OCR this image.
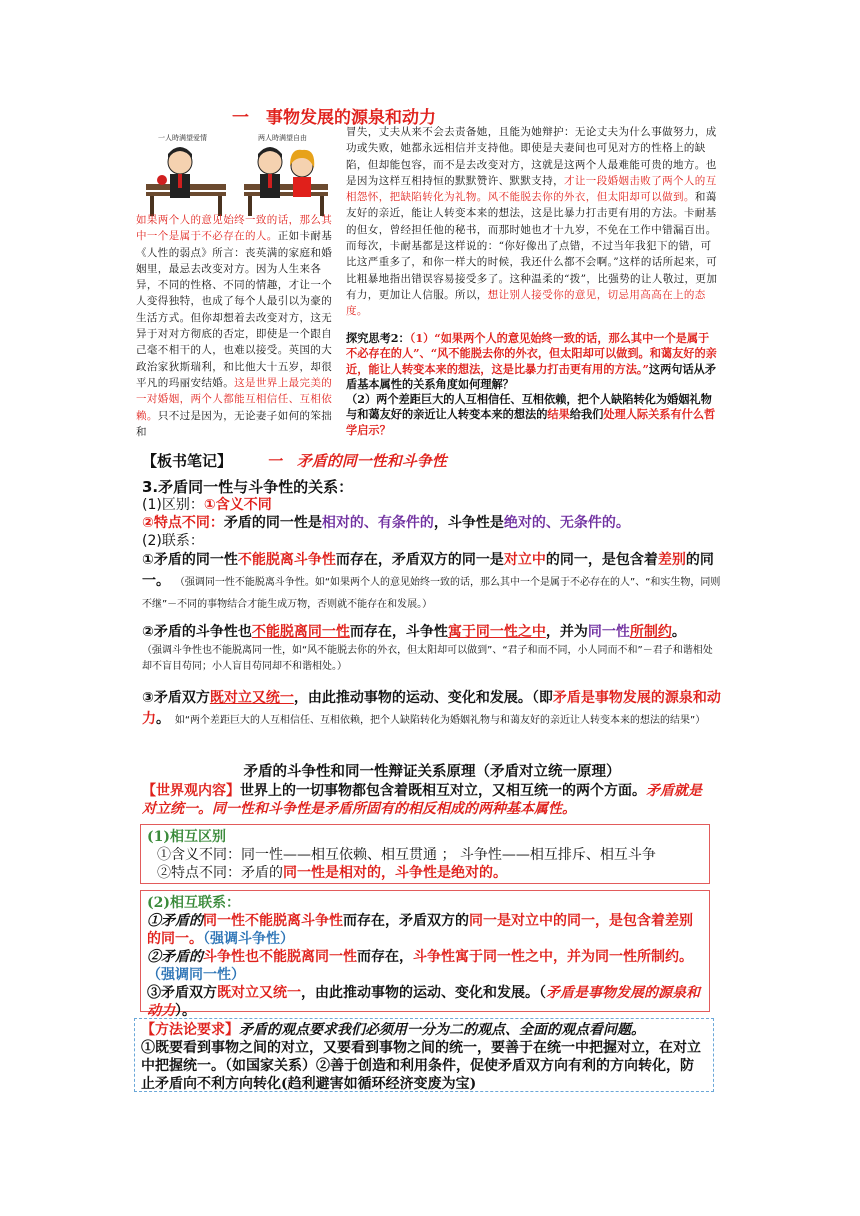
一　事物发展的源泉和动力
一人時满望爱情	两人時满望自由
如果两个人的意见始终一致的话，那么其中一个是属于不必存在的人。正如卡耐基《人性的弱点》所言：丧英满的家庭和婚姻里，最忌去改变对方。因为人生来各异，不同的性格、不同的情趣，才让一个人变得独特，也成了每个人最引以为豪的生活方式。但你却想着去改变对方，这无异于对对方彻底的否定，即使是一个跟自己毫不相干的人，也难以接受。英国的大政治家狄斯瑞利，和比他大十五岁，却很平凡的玛丽安结婚。这是世界上最完美的一对婚姻，两个人都能互相信任、互相依赖。只不过是因为，无论妻子如何的笨拙和
冒失，丈夫从来不会去责备她，且能为她辩护：无论丈夫为什么事做努力，成功或失败，她都永远相信并支持他。即使是夫妻间也可见对方的性格上的缺陷，但却能包容，而不是去改变对方，这就是这两个人最难能可贵的地方。也是因为这样互相持恒的默默赞许、默默支持，才让一段婚姻击败了两个人的互相怨怀，把缺陷转化为礼物。风不能脱去你的外衣，但太阳却可以做到。和蔼友好的亲近，能让人转变本来的想法，这是比暴力打击更有用的方法。卡耐基的但女，曾经担任他的秘书，而那时她也才十九岁，不免在工作中错漏百出。而每次，卡耐基都是这样说的：“你好像出了点错，不过当年我犯下的错，可比这严重多了，和你一样大的时候，我还什么都不会啊。”这样的话所起来，可比粗暴地指出错误容易接受多了。这种温柔的“拨”，比强势的让人敬过，更加有力，更加让人信服。所以，想让别人接受你的意见，切忌用高高在上的态度。
探究思考2：（1）“如果两个人的意见始终一致的话，那么其中一个是属于不必存在的人”、“风不能脱去你的外衣，但太阳却可以做到。和蔼友好的亲近，能让人转变本来的想法，这是比暴力打击更有用的方法。”这两句话从矛盾基本属性的关系角度如何理解？
（2）两个差距巨大的人互相信任、互相依赖，把个人缺陷转化为婚姻礼物与和蔼友好的亲近让人转变本来的想法的结果给我们处理人际关系有什么哲学启示？
【板书笔记】 一　矛盾的同一性和斗争性
3.矛盾同一性与斗争性的关系：
(1)区别：①含义不同
②特点不同：矛盾的同一性是相对的、有条件的，斗争性是绝对的、无条件的。
(2)联系：
①矛盾的同一性不能脱离斗争性而存在，矛盾双方的同一是对立中的同一，是包含着差别的同一。 （强调同一性不能脱离斗争性。如“如果两个人的意见始终一致的话，那么其中一个是属于不必存在的人”、“和实生物，同则不继”－不同的事物结合才能生成万物，否则就不能存在和发展。）
②矛盾的斗争性也不能脱离同一性而存在，斗争性寓于同一性之中，并为同一性所制约。
（强调斗争性也不能脱离同一性，如“风不能脱去你的外衣，但太阳却可以做到”、“君子和而不同，小人同而不和”－君子和谐相处却不盲目苟同；小人盲目苟同却不和谐相处。）
③矛盾双方既对立又统一，由此推动事物的运动、变化和发展。（即矛盾是事物发展的源泉和动力。 如“两个差距巨大的人互相信任、互相依赖，把个人缺陷转化为婚姻礼物与和蔼友好的亲近让人转变本来的想法的结果”）
矛盾的斗争性和同一性辩证关系原理（矛盾对立统一原理）
【世界观内容】世界上的一切事物都包含着既相互对立，又相互统一的两个方面。矛盾就是对立统一。同一性和斗争性是矛盾所固有的相反相成的两种基本属性。
(1)相互区别
①含义不同：同一性——相互依赖、相互贯通 ； 斗争性——相互排斥、相互斗争
②特点不同：矛盾的同一性是相对的，斗争性是绝对的。
(2)相互联系：
①矛盾的同一性不能脱离斗争性而存在，矛盾双方的同一是对立中的同一，是包含着差别的同一。（强调斗争性）
②矛盾的斗争性也不能脱离同一性而存在，斗争性寓于同一性之中，并为同一性所制约。（强调同一性）
③矛盾双方既对立又统一，由此推动事物的运动、变化和发展。（矛盾是事物发展的源泉和动力）。
【方法论要求】矛盾的观点要求我们必须用一分为二的观点、全面的观点看问题。
①既要看到事物之间的对立，又要看到事物之间的统一，要善于在统一中把握对立，在对立中把握统一。（如国家关系）②善于创造和利用条件，促使矛盾双方向有利的方向转化，防止矛盾向不利方向转化(趋利避害如循环经济变废为宝)
